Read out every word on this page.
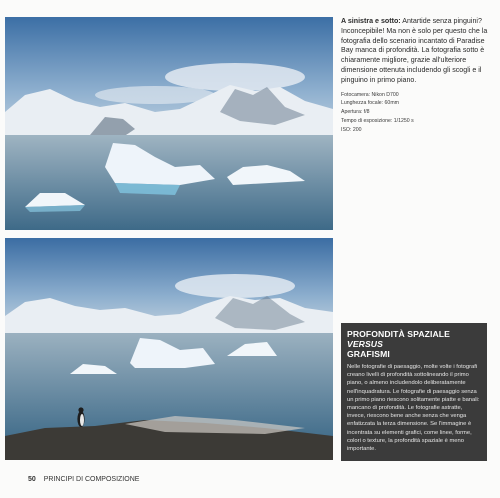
A sinistra e sotto: Antartide senza pinguini? Inconcepibile! Ma non è solo per questo che la fotografia dello scenario incantato di Paradise Bay manca di profondità. La fotografia sotto è chiaramente migliore, grazie all'ulteriore dimensione ottenuta includendo gli scogli e il pinguino in primo piano.

Fotocamera: Nikon D700
Lunghezza focale: 60mm
Apertura: f/8
Tempo di esposizione: 1/1250 s
ISO: 200
PROFONDITÀ SPAZIALE VERSUS
GRAFISMI
Nelle fotografie di paesaggio, molte volte i fotografi creano livelli di profondità sottolineando il primo piano, o almeno includendolo deliberatamente nell'inquadratura. Le fotografie di paesaggio senza un primo piano riescono solitamente piatte e banali: mancano di profondità. Le fotografie astratte, invece, riescono bene anche senza che venga enfatizzata la terza dimensione. Se l'immagine è incentrata su elementi grafici, come linee, forme, colori o texture, la profondità spaziale è meno importante.
50 PRINCIPI DI COMPOSIZIONE
